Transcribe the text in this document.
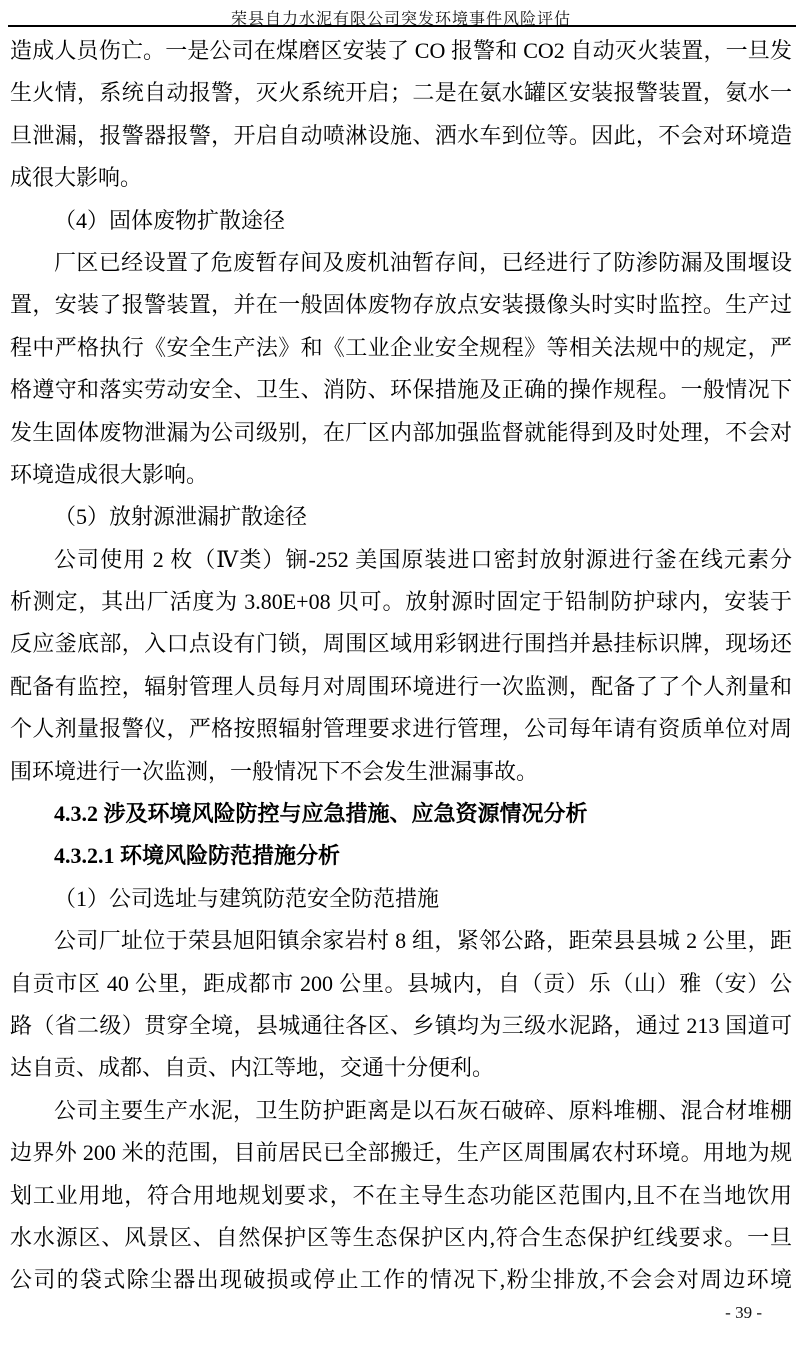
荣县自力水泥有限公司突发环境事件风险评估
造成人员伤亡。一是公司在煤磨区安装了 CO 报警和 CO2 自动灭火装置，一旦发
生火情，系统自动报警，灭火系统开启；二是在氨水罐区安装报警装置，氨水一
旦泄漏，报警器报警，开启自动喷淋设施、洒水车到位等。因此，不会对环境造
成很大影响。
（4）固体废物扩散途径
厂区已经设置了危废暂存间及废机油暂存间，已经进行了防渗防漏及围堰设
置，安装了报警装置，并在一般固体废物存放点安装摄像头时实时监控。生产过
程中严格执行《安全生产法》和《工业企业安全规程》等相关法规中的规定，严
格遵守和落实劳动安全、卫生、消防、环保措施及正确的操作规程。一般情况下
发生固体废物泄漏为公司级别，在厂区内部加强监督就能得到及时处理，不会对
环境造成很大影响。
（5）放射源泄漏扩散途径
公司使用 2 枚（Ⅳ类）锎-252 美国原装进口密封放射源进行釜在线元素分
析测定，其出厂活度为 3.80E+08 贝可。放射源时固定于铅制防护球内，安装于
反应釜底部，入口点设有门锁，周围区域用彩钢进行围挡并悬挂标识牌，现场还
配备有监控，辐射管理人员每月对周围环境进行一次监测，配备了了个人剂量和
个人剂量报警仪，严格按照辐射管理要求进行管理，公司每年请有资质单位对周
围环境进行一次监测，一般情况下不会发生泄漏事故。
4.3.2 涉及环境风险防控与应急措施、应急资源情况分析
4.3.2.1 环境风险防范措施分析
（1）公司选址与建筑防范安全防范措施
公司厂址位于荣县旭阳镇余家岩村 8 组，紧邻公路，距荣县县城 2 公里，距
自贡市区 40 公里，距成都市 200 公里。县城内，自（贡）乐（山）雅（安）公
路（省二级）贯穿全境，县城通往各区、乡镇均为三级水泥路，通过 213 国道可
达自贡、成都、自贡、内江等地，交通十分便利。
公司主要生产水泥，卫生防护距离是以石灰石破碎、原料堆棚、混合材堆棚
边界外 200 米的范围，目前居民已全部搬迁，生产区周围属农村环境。用地为规
划工业用地，符合用地规划要求，不在主导生态功能区范围内,且不在当地饮用
水水源区、风景区、自然保护区等生态保护区内,符合生态保护红线要求。一旦
公司的袋式除尘器出现破损或停止工作的情况下,粉尘排放,不会会对周边环境
- 39 -
